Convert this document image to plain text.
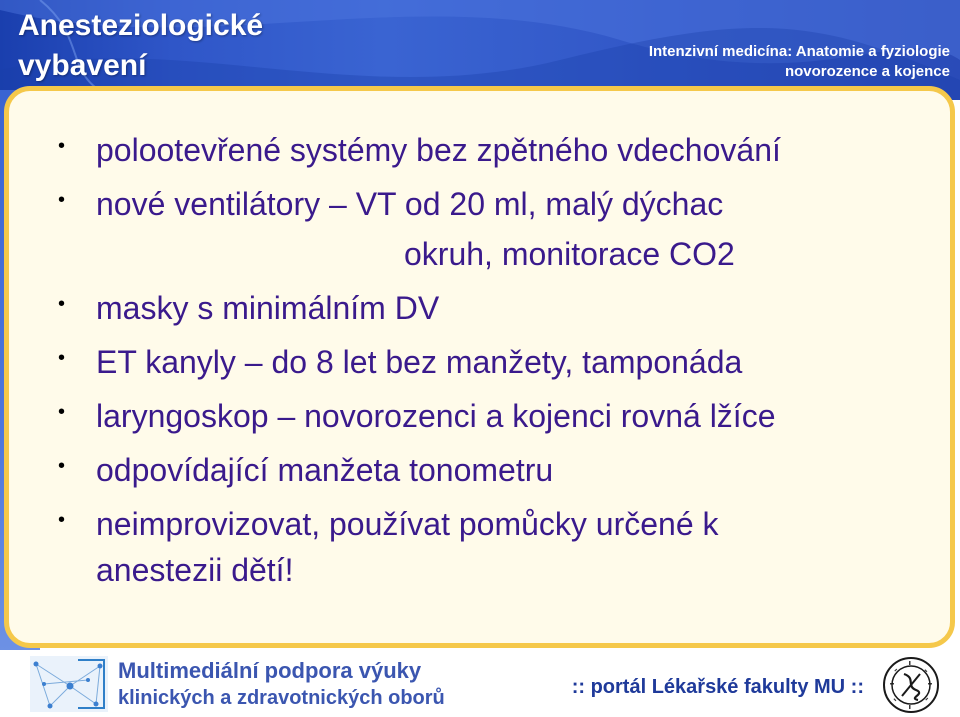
Anesteziologické
vybavení	Intenzivní medicína: Anatomie a fyziologie
novorozence a kojence
• polootevřené systémy bez zpětného vdechování
• nové ventilátory – VT od 20 ml, malý dýchac
okruh, monitorace CO2
• masky s minimálním DV
• ET kanyly – do 8 let bez manžety, tamponáda
• laryngoskop – novorozenci a kojenci rovná lžíce
• odpovídající manžeta tonometru
• neimprovizovat, používat pomůcky určené k
anestezii dětí!
Multimediální podpora výuky
klinických a zdravotnických oborů	:: portál Lékařské fakulty MU ::
